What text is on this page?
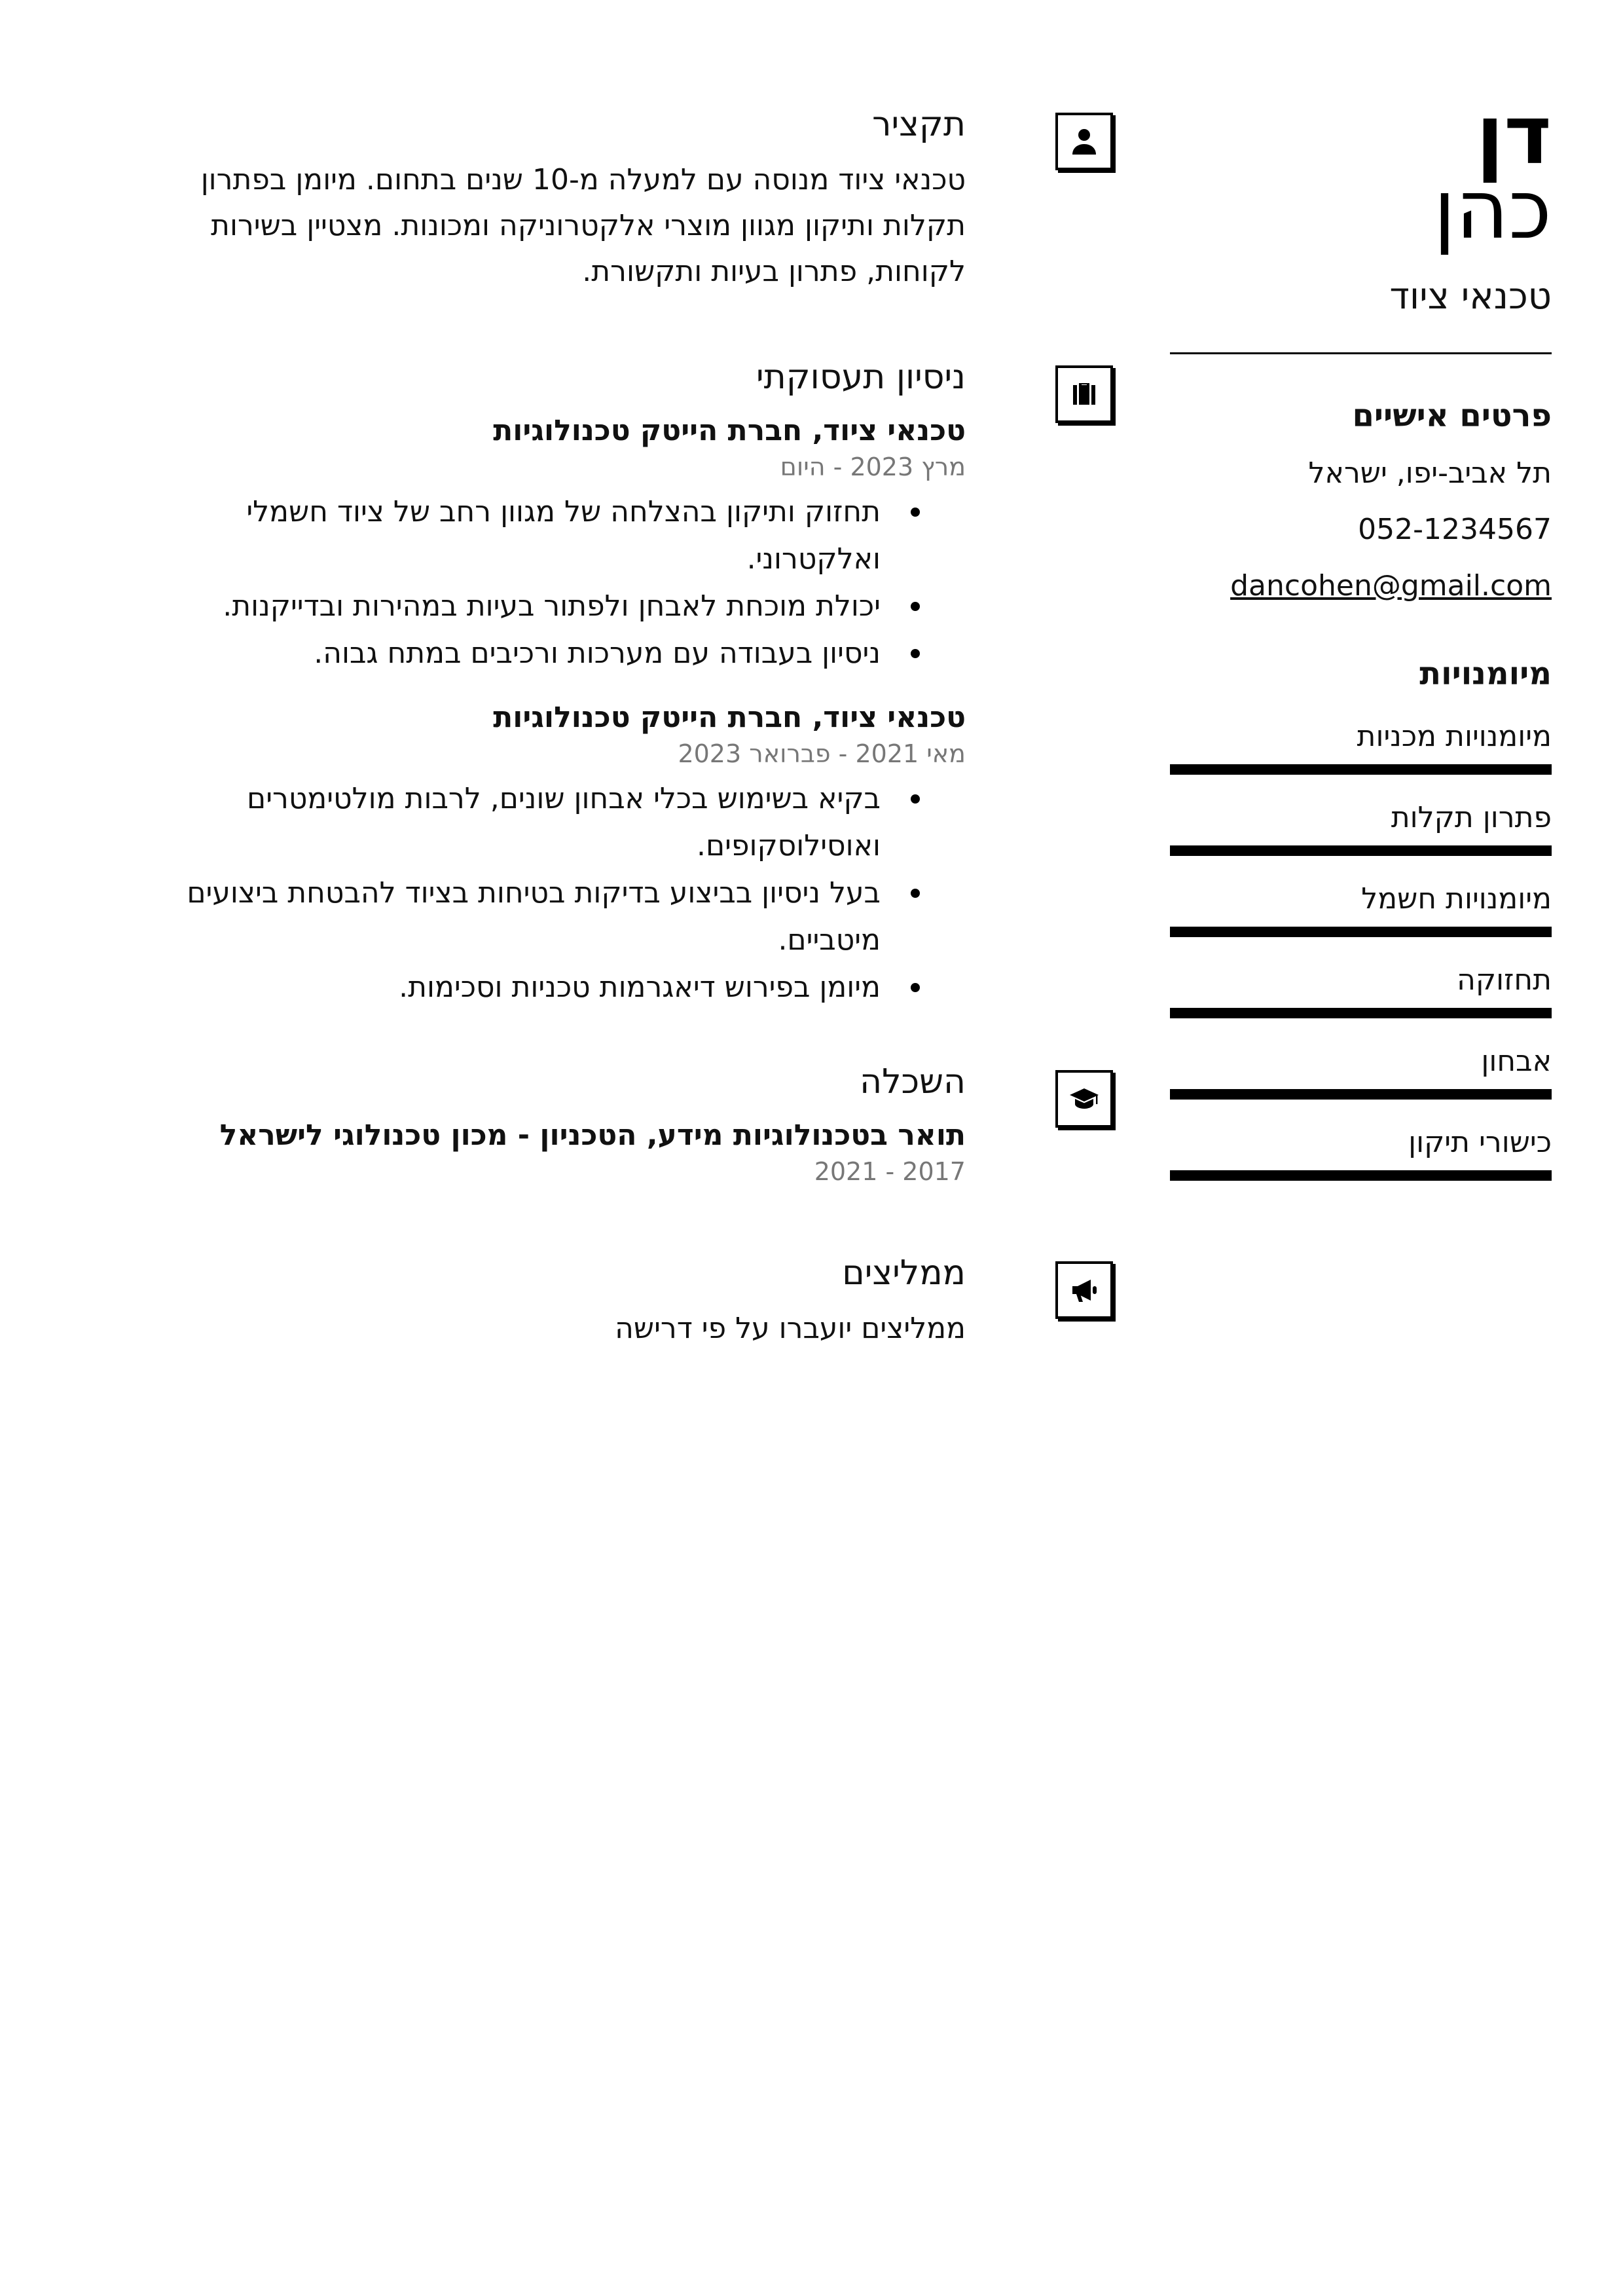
דן
כהן
טכנאי ציוד
פרטים אישיים
תל אביב-יפו, ישראל
052-1234567
dancohen@gmail.com
מיומנויות
מיומנויות מכניות
פתרון תקלות
מיומנויות חשמל
תחזוקה
אבחון
כישורי תיקון
תקציר
טכנאי ציוד מנוסה עם למעלה מ-10 שנים בתחום. מיומן בפתרון תקלות ותיקון מגוון מוצרי אלקטרוניקה ומכונות. מצטיין בשירות לקוחות, פתרון בעיות ותקשורת.
ניסיון תעסוקתי
טכנאי ציוד, חברת הייטק טכנולוגיות
מרץ 2023 - היום
תחזוק ותיקון בהצלחה של מגוון רחב של ציוד חשמלי ואלקטרוני.
יכולת מוכחת לאבחן ולפתור בעיות במהירות ובדייקנות.
ניסיון בעבודה עם מערכות ורכיבים במתח גבוה.
טכנאי ציוד, חברת הייטק טכנולוגיות
מאי 2021 - פברואר 2023
בקיא בשימוש בכלי אבחון שונים, לרבות מולטימטרים ואוסילוסקופים.
בעל ניסיון בביצוע בדיקות בטיחות בציוד להבטחת ביצועים מיטביים.
מיומן בפירוש דיאגרמות טכניות וסכימות.
השכלה
תואר בטכנולוגיות מידע, הטכניון - מכון טכנולוגי לישראל
2017 - 2021
ממליצים
ממליצים יועברו על פי דרישה
